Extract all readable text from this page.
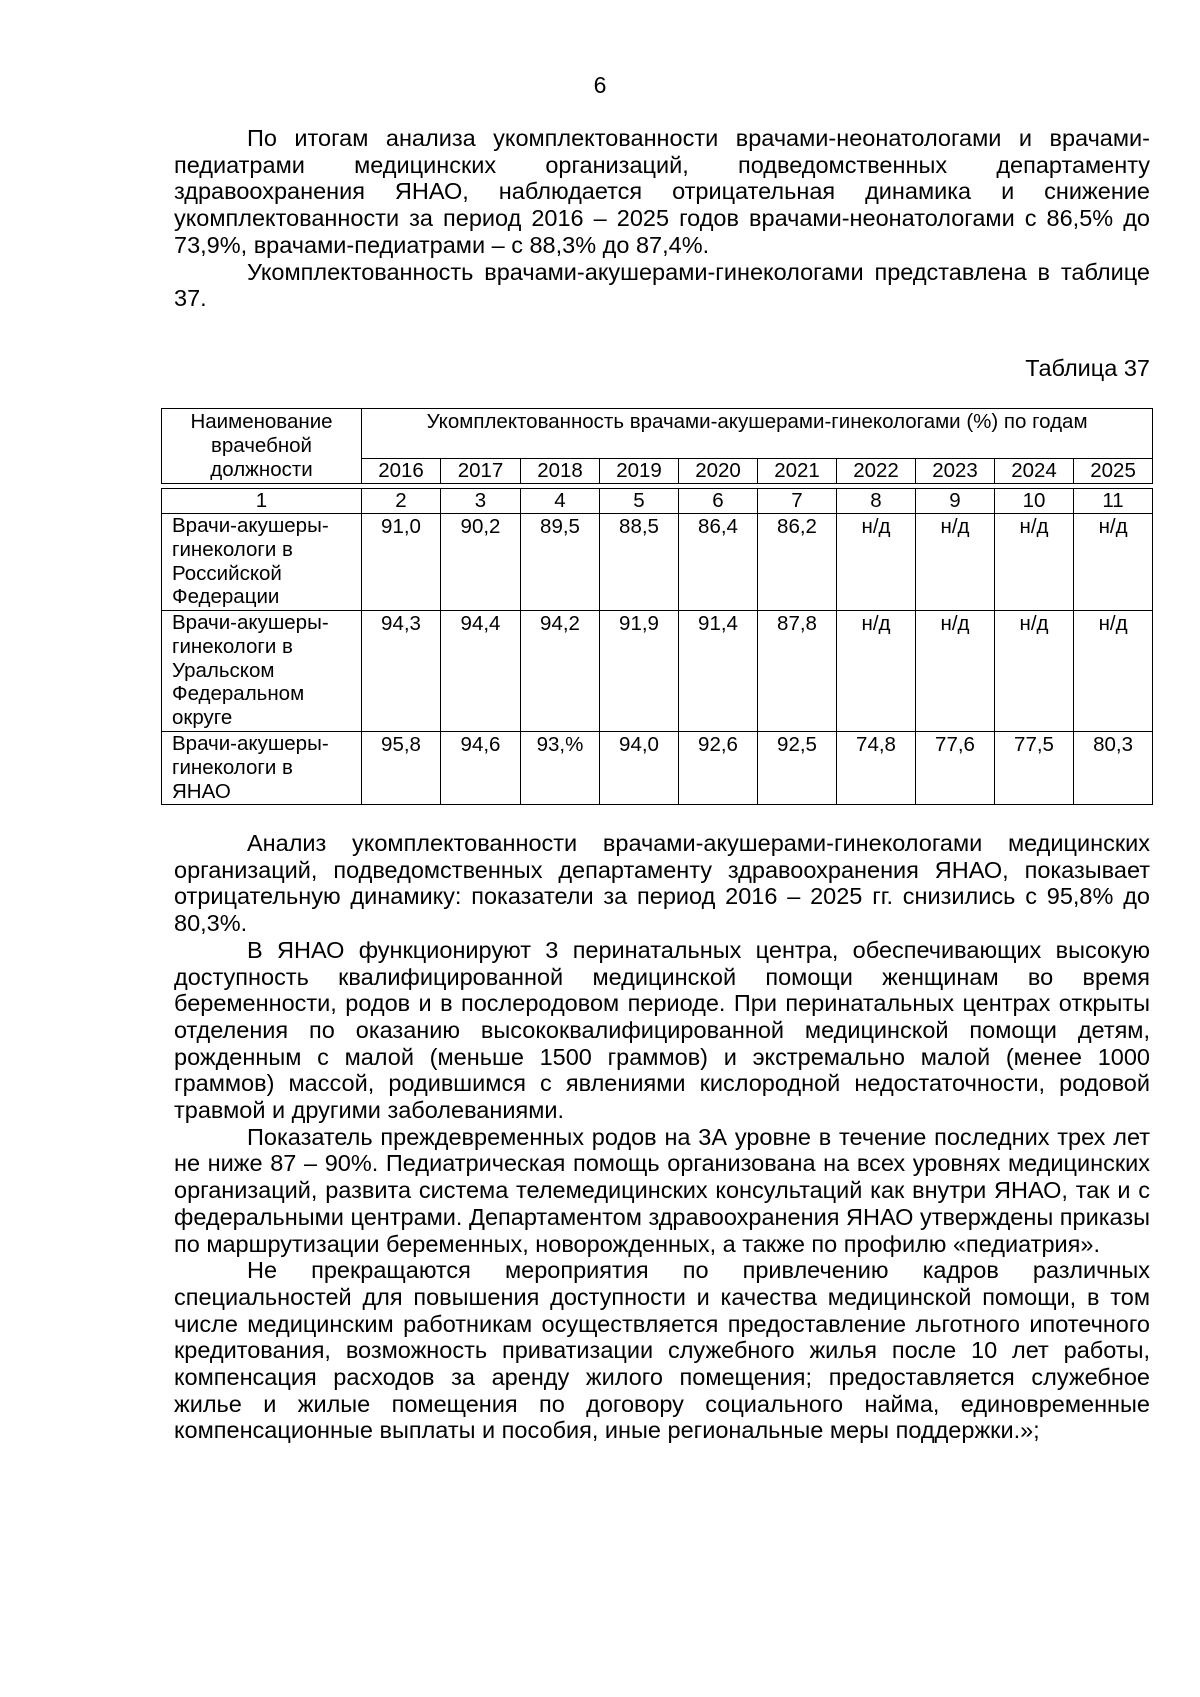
6

По итогам анализа укомплектованности врачами-неонатологами и врачами-педиатрами медицинских организаций, подведомственных департаменту здравоохранения ЯНАО, наблюдается отрицательная динамика и снижение укомплектованности за период 2016 – 2025 годов врачами-неонатологами с 86,5% до 73,9%, врачами-педиатрами – с 88,3% до 87,4%.

Укомплектованность врачами-акушерами-гинекологами представлена в таблице 37.

Таблица 37
Наименование врачебной должности	Укомплектованность врачами-акушерами-гинекологами (%) по годам									
	2016	2017	2018	2019	2020	2021	2022	2023	2024	2025

1	2	3	4	5	6	7	8	9	10	11
Врачи-акушеры-гинекологи в Российской Федерации	91,0	90,2	89,5	88,5	86,4	86,2	н/д	н/д	н/д	н/д
Врачи-акушеры-гинекологи в Уральском Федеральном округе	94,3	94,4	94,2	91,9	91,4	87,8	н/д	н/д	н/д	н/д
Врачи-акушеры-гинекологи в ЯНАО	95,8	94,6	93,%	94,0	92,6	92,5	74,8	77,6	77,5	80,3

Анализ укомплектованности врачами-акушерами-гинекологами медицинских организаций, подведомственных департаменту здравоохранения ЯНАО, показывает отрицательную динамику: показатели за период 2016 – 2025 гг. снизились с 95,8% до 80,3%.

В ЯНАО функционируют 3 перинатальных центра, обеспечивающих высокую доступность квалифицированной медицинской помощи женщинам во время беременности, родов и в послеродовом периоде. При перинатальных центрах открыты отделения по оказанию высококвалифицированной медицинской помощи детям, рожденным с малой (меньше 1500 граммов) и экстремально малой (менее 1000 граммов) массой, родившимся с явлениями кислородной недостаточности, родовой травмой и другими заболеваниями.

Показатель преждевременных родов на 3А уровне в течение последних трех лет не ниже 87 – 90%. Педиатрическая помощь организована на всех уровнях медицинских организаций, развита система телемедицинских консультаций как внутри ЯНАО, так и с федеральными центрами. Департаментом здравоохранения ЯНАО утверждены приказы по маршрутизации беременных, новорожденных, а также по профилю «педиатрия».

Не прекращаются мероприятия по привлечению кадров различных специальностей для повышения доступности и качества медицинской помощи, в том числе медицинским работникам осуществляется предоставление льготного ипотечного кредитования, возможность приватизации служебного жилья после 10 лет работы, компенсация расходов за аренду жилого помещения; предоставляется служебное жилье и жилые помещения по договору социального найма, единовременные компенсационные выплаты и пособия, иные региональные меры поддержки.»;
